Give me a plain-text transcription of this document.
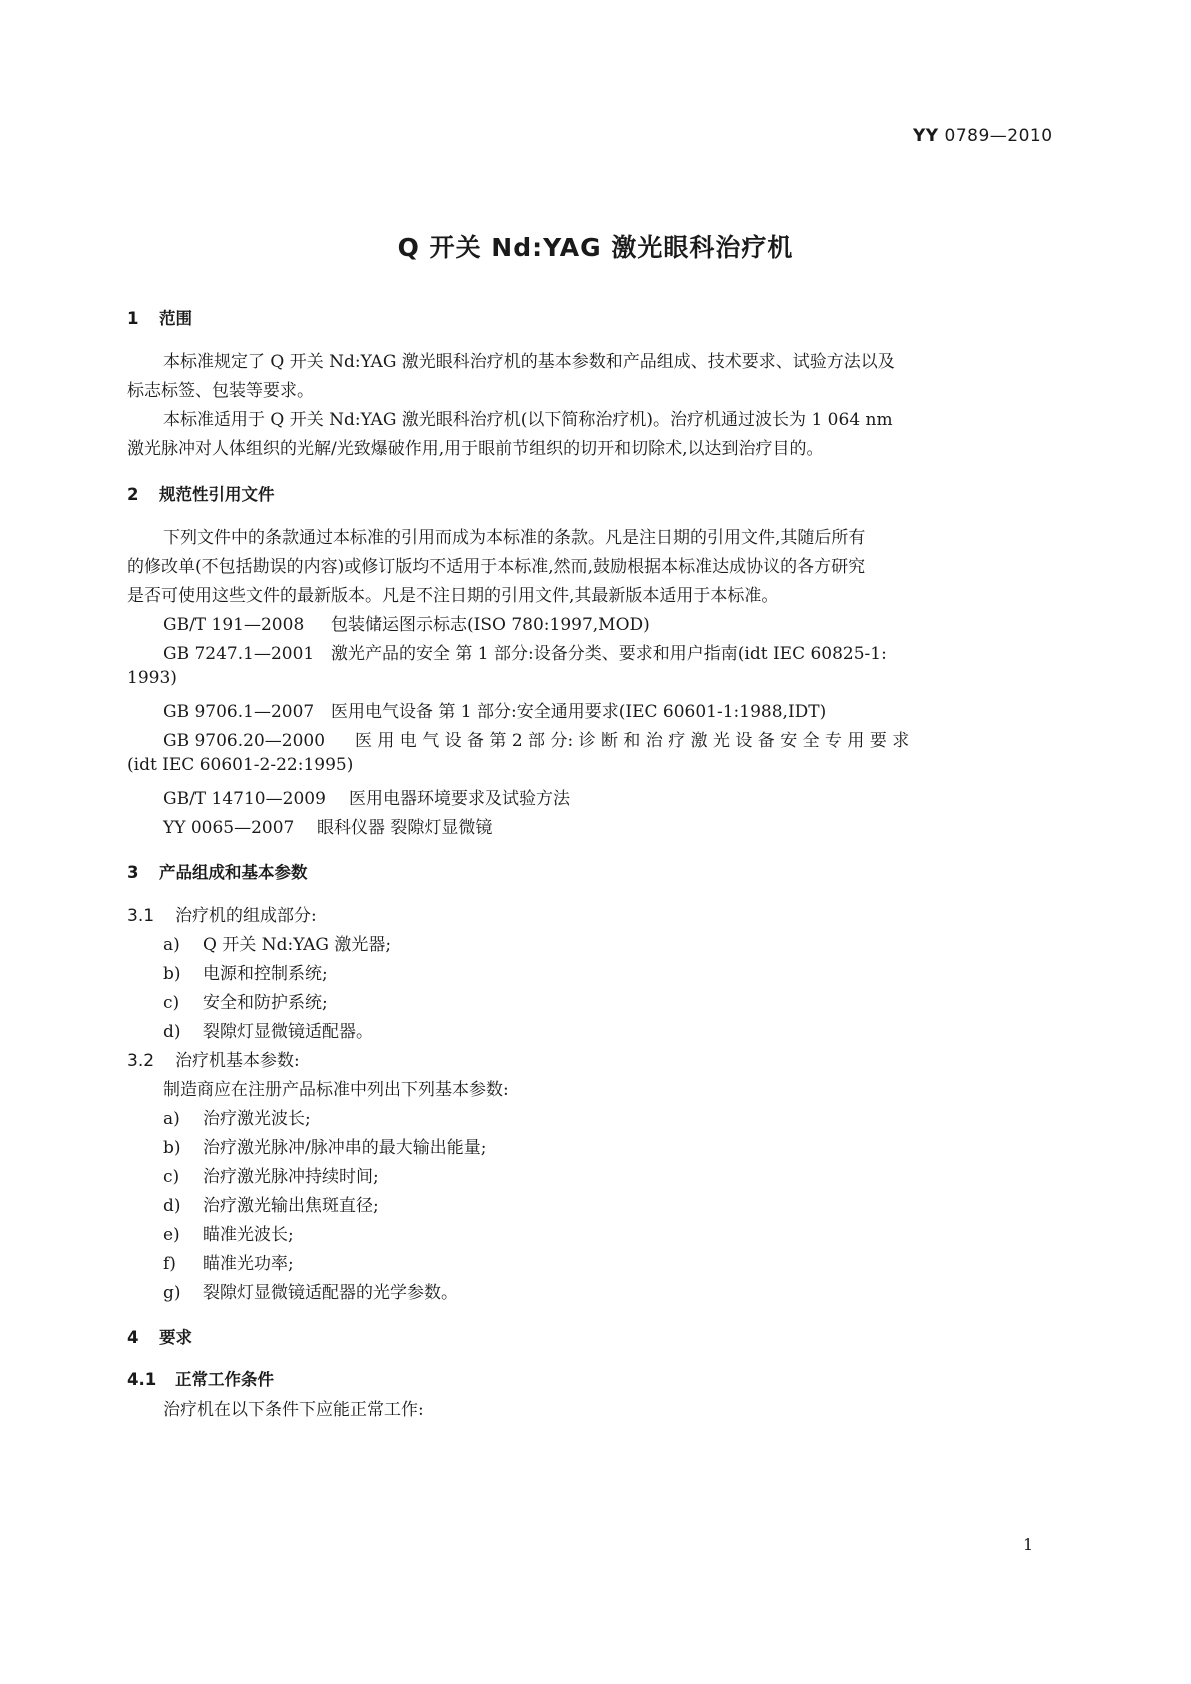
YY 0789—2010
Q 开关 Nd:YAG 激光眼科治疗机
1 范围
本标准规定了 Q 开关 Nd:YAG 激光眼科治疗机的基本参数和产品组成、技术要求、试验方法以及
标志标签、包装等要求。
本标准适用于 Q 开关 Nd:YAG 激光眼科治疗机(以下简称治疗机)。治疗机通过波长为 1 064 nm
激光脉冲对人体组织的光解/光致爆破作用,用于眼前节组织的切开和切除术,以达到治疗目的。
2 规范性引用文件
下列文件中的条款通过本标准的引用而成为本标准的条款。凡是注日期的引用文件,其随后所有
的修改单(不包括勘误的内容)或修订版均不适用于本标准,然而,鼓励根据本标准达成协议的各方研究
是否可使用这些文件的最新版本。凡是不注日期的引用文件,其最新版本适用于本标准。
GB/T 191—2008 包装储运图示标志(ISO 780:1997,MOD)
GB 7247.1—2001 激光产品的安全 第 1 部分:设备分类、要求和用户指南(idt IEC 60825-1:
1993)
GB 9706.1—2007 医用电气设备 第 1 部分:安全通用要求(IEC 60601-1:1988,IDT)
GB 9706.20—2000 医 用 电 气 设 备 第 2 部 分: 诊 断 和 治 疗 激 光 设 备 安 全 专 用 要 求
(idt IEC 60601-2-22:1995)
GB/T 14710—2009 医用电器环境要求及试验方法
YY 0065—2007 眼科仪器 裂隙灯显微镜
3 产品组成和基本参数
3.1 治疗机的组成部分:
a) Q 开关 Nd:YAG 激光器;
b) 电源和控制系统;
c) 安全和防护系统;
d) 裂隙灯显微镜适配器。
3.2 治疗机基本参数:
制造商应在注册产品标准中列出下列基本参数:
a) 治疗激光波长;
b) 治疗激光脉冲/脉冲串的最大输出能量;
c) 治疗激光脉冲持续时间;
d) 治疗激光输出焦斑直径;
e) 瞄准光波长;
f) 瞄准光功率;
g) 裂隙灯显微镜适配器的光学参数。
4 要求
4.1 正常工作条件
治疗机在以下条件下应能正常工作:
1
